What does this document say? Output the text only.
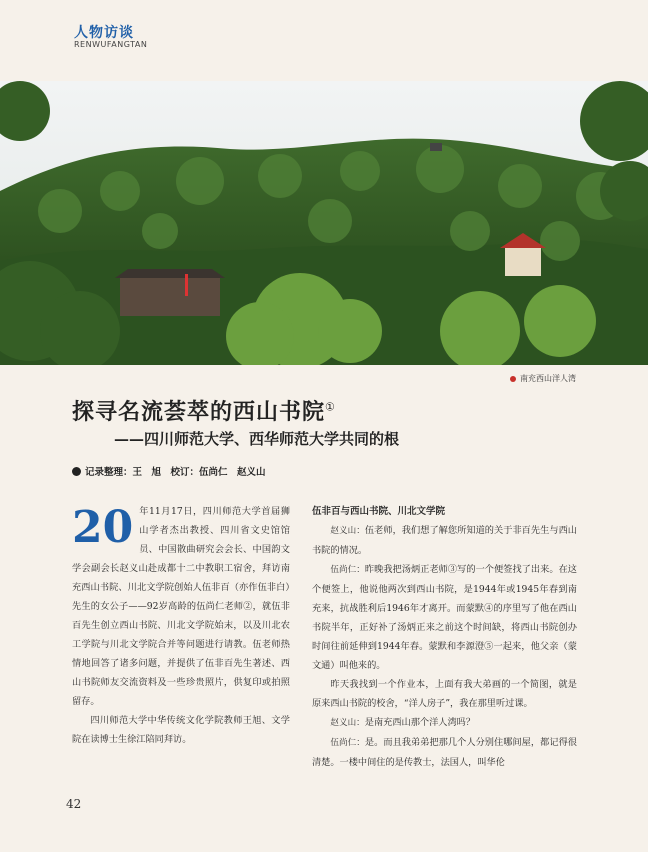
人物访谈
RENWUFANGTAN
南充西山洋人湾
探寻名流荟萃的西山书院①
——四川师范大学、西华师范大学共同的根
记录整理：王　旭　校订：伍尚仁　赵义山

20 年11月17日，四川师范大学首届狮山学者杰出教授、四川省文史馆馆员、中国散曲研究会会长、中国韵文学会副会长赵义山赴成都十二中教职工宿舍，拜访南充西山书院、川北文学院创始人伍非百（亦作伍非白）先生的女公子——92岁高龄的伍尚仁老师②，就伍非百先生创立西山书院、川北文学院始末，以及川北农工学院与川北文学院合并等问题进行请教。伍老师热情地回答了诸多问题，并提供了伍非百先生著述、西山书院师友交流资料及一些珍贵照片，供复印或拍照留存。

四川师范大学中华传统文化学院教师王旭、文学院在读博士生徐江陪同拜访。

伍非百与西山书院、川北文学院

赵义山：伍老师，我们想了解您所知道的关于非百先生与西山书院的情况。

伍尚仁：昨晚我把汤炳正老师③写的一个便签找了出来。在这个便签上，他说他两次到西山书院，是1944年或1945年春到南充来，抗战胜利后1946年才离开。而蒙默④的序里写了他在西山书院半年，正好补了汤炳正来之前这个时间缺，将西山书院创办时间往前延伸到1944年春。蒙默和李源澄⑤一起来，他父亲（蒙文通）叫他来的。

昨天我找到一个作业本，上面有我大弟画的一个简图，就是原来西山书院的校舍，“洋人房子”，我在那里听过课。

赵义山：是南充西山那个洋人湾吗？

伍尚仁：是。而且我弟弟把那几个人分别住哪间屋，都记得很清楚。一楼中间住的是传教士，法国人，叫华伦

42
